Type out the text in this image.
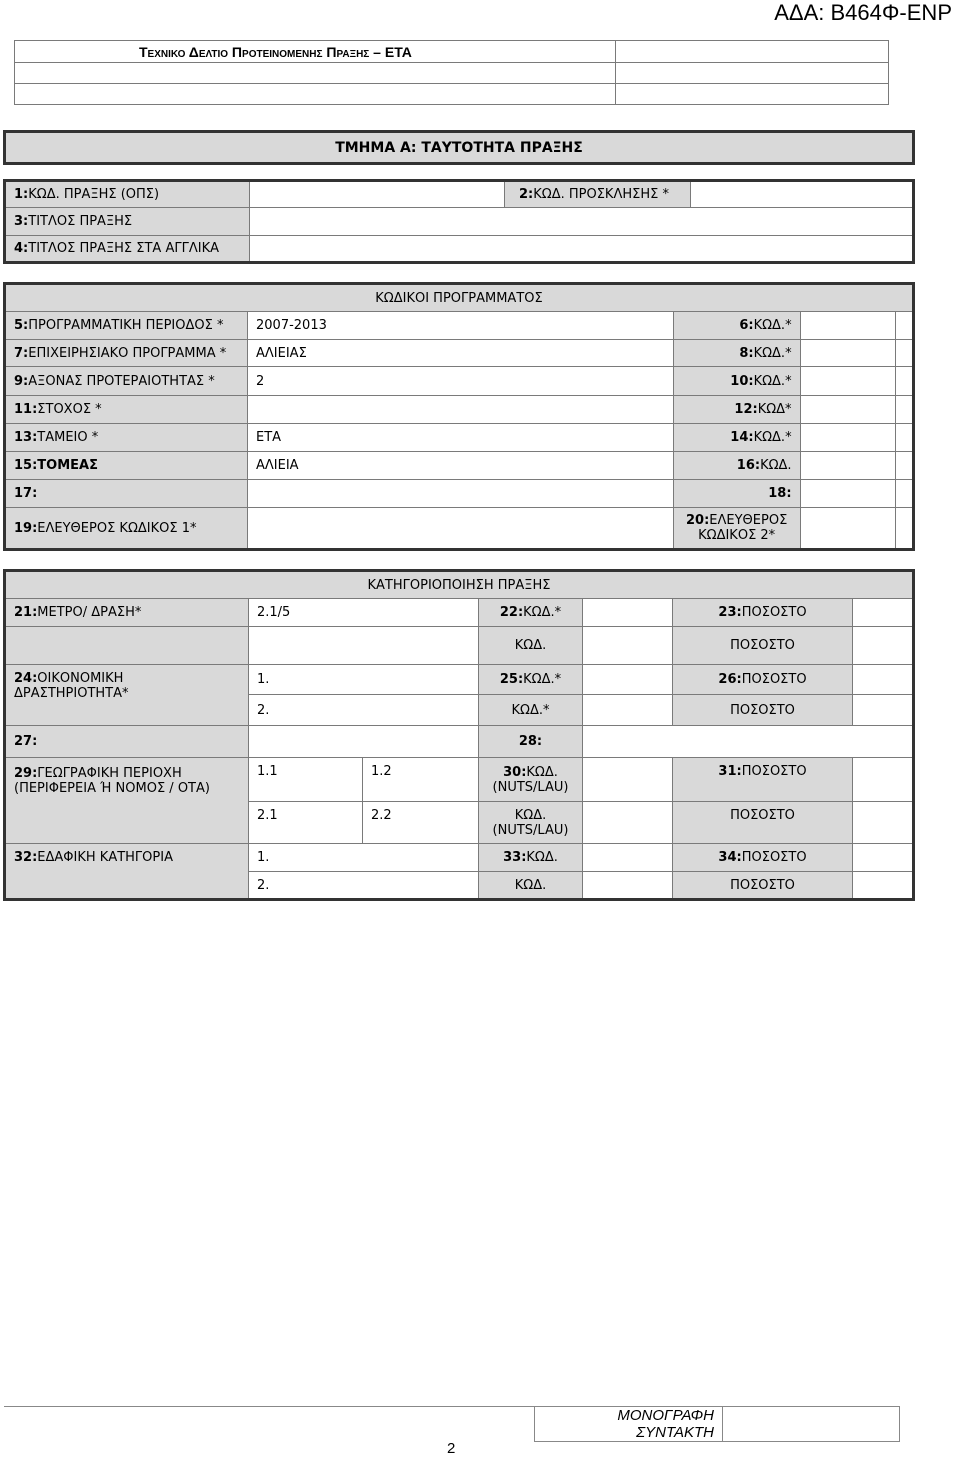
ΑΔΑ: Β464Φ-ΕΝΡ
Τεχνικο Δελτιο Προτεινομενησ Πραξησ – ΕΤΑ	

ΤΜΗΜΑ Α: ΤΑΥΤΟΤΗΤΑ ΠΡΑΞΗΣ
1:ΚΩΔ. ΠΡΑΞΗΣ (ΟΠΣ)		2:ΚΩΔ. ΠΡΟΣΚΛΗΣΗΣ *	
3:ΤΙΤΛΟΣ ΠΡΑΞΗΣ			
4:ΤΙΤΛΟΣ ΠΡΑΞΗΣ ΣΤΑ ΑΓΓΛΙΚΑ			
ΚΩΔΙΚΟΙ ΠΡΟΓΡΑΜΜΑΤΟΣ				
5:ΠΡΟΓΡΑΜΜΑΤΙΚΗ ΠΕΡΙΟΔΟΣ *	2007-2013	6:ΚΩΔ.*		
7:ΕΠΙΧΕΙΡΗΣΙΑΚΟ ΠΡΟΓΡΑΜΜΑ *	ΑΛΙΕΙΑΣ	8:ΚΩΔ.*		
9:ΑΞΟΝΑΣ ΠΡΟΤΕΡΑΙΟΤΗΤΑΣ *	2	10:ΚΩΔ.*		
11:ΣΤΟΧΟΣ *		12:ΚΩΔ*		
13:ΤΑΜΕΙΟ *	ΕΤΑ	14:ΚΩΔ.*		
15:ΤΟΜΕΑΣ	ΑΛΙΕΙΑ	16:ΚΩΔ.		
17:		18:		
19:ΕΛΕΥΘΕΡΟΣ ΚΩΔΙΚΟΣ 1*		20:ΕΛΕΥΘΕΡΟΣ ΚΩΔΙΚΟΣ 2*		
ΚΑΤΗΓΟΡΙΟΠΟΙΗΣΗ ΠΡΑΞΗΣ						
21:ΜΕΤΡΟ/ ΔΡΑΣΗ*	2.1/5		22:ΚΩΔ.*		23:ΠΟΣΟΣΤΟ	
			ΚΩΔ.		ΠΟΣΟΣΤΟ	
24:ΟΙΚΟΝΟΜΙΚΗ ΔΡΑΣΤΗΡΙΟΤΗΤΑ*	1.		25:ΚΩΔ.*		26:ΠΟΣΟΣΤΟ	
	2.		ΚΩΔ.*		ΠΟΣΟΣΤΟ	
27:			28:			
29:ΓΕΩΓΡΑΦΙΚΗ ΠΕΡΙΟΧΗ (ΠΕΡΙΦΕΡΕΙΑ Ή ΝΟΜΟΣ / ΟΤΑ)	1.1	1.2	30:ΚΩΔ. (NUTS/LAU)		31:ΠΟΣΟΣΤΟ	
	2.1	2.2	ΚΩΔ. (NUTS/LAU)		ΠΟΣΟΣΤΟ	
32:ΕΔΑΦΙΚΗ ΚΑΤΗΓΟΡΙΑ	1.		33:ΚΩΔ.		34:ΠΟΣΟΣΤΟ	
	2.		ΚΩΔ.		ΠΟΣΟΣΤΟ	
ΜΟΝΟΓΡΑΦΗ ΣΥΝΤΑΚΤΗ	
2
